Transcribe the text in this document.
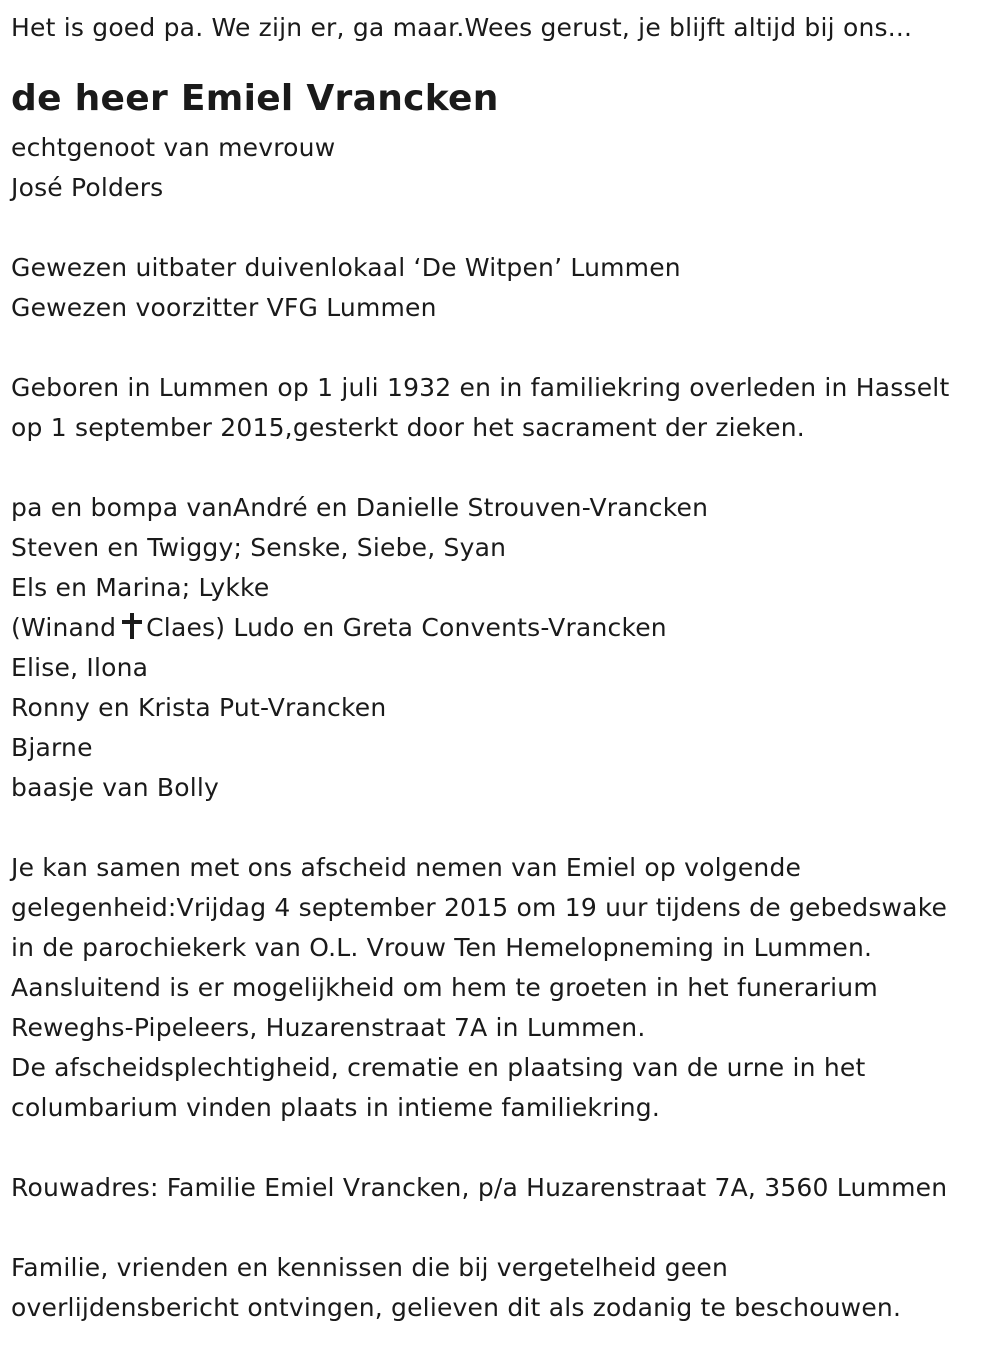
Het is goed pa. We zijn er, ga maar.Wees gerust, je blijft altijd bij ons...
de heer Emiel Vrancken
echtgenoot van mevrouw
José Polders
Gewezen uitbater duivenlokaal ‘De Witpen’ Lummen
Gewezen voorzitter VFG Lummen
Geboren in Lummen op 1 juli 1932 en in familiekring overleden in Hasselt
op 1 september 2015,gesterkt door het sacrament der zieken.
pa en bompa vanAndré en Danielle Strouven-Vrancken
Steven en Twiggy; Senske, Siebe, Syan
Els en Marina; Lykke
(Winand Claes) Ludo en Greta Convents-Vrancken
Elise, Ilona
Ronny en Krista Put-Vrancken
Bjarne
baasje van Bolly
Je kan samen met ons afscheid nemen van Emiel op volgende
gelegenheid:Vrijdag 4 september 2015 om 19 uur tijdens de gebedswake
in de parochiekerk van O.L. Vrouw Ten Hemelopneming in Lummen.
Aansluitend is er mogelijkheid om hem te groeten in het funerarium
Reweghs-Pipeleers, Huzarenstraat 7A in Lummen.
De afscheidsplechtigheid, crematie en plaatsing van de urne in het
columbarium vinden plaats in intieme familiekring.
Rouwadres: Familie Emiel Vrancken, p/a Huzarenstraat 7A, 3560 Lummen
Familie, vrienden en kennissen die bij vergetelheid geen
overlijdensbericht ontvingen, gelieven dit als zodanig te beschouwen.
